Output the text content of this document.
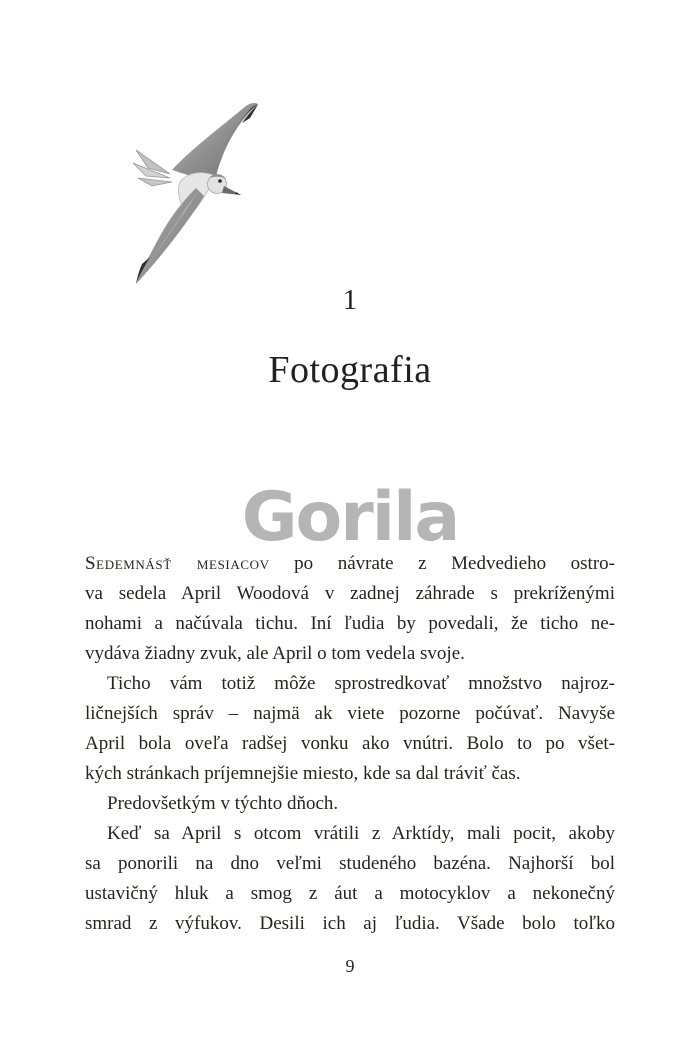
1
Fotografia
Gorila
Sedemnásť mesiacov po návrate z Medvedieho ostro-
va sedela April Woodová v zadnej záhrade s prekríženými
nohami a načúvala tichu. Iní ľudia by povedali, že ticho ne-
vydáva žiadny zvuk, ale April o tom vedela svoje.
Ticho vám totiž môže sprostredkovať množstvo najroz-
ličnejších správ – najmä ak viete pozorne počúvať. Navyše
April bola oveľa radšej vonku ako vnútri. Bolo to po všet-
kých stránkach príjemnejšie miesto, kde sa dal tráviť čas.
Predovšetkým v týchto dňoch.
Keď sa April s otcom vrátili z Arktídy, mali pocit, akoby
sa ponorili na dno veľmi studeného bazéna. Najhorší bol
ustavičný hluk a smog z áut a motocyklov a nekonečný
smrad z výfukov. Desili ich aj ľudia. Všade bolo toľko
9
